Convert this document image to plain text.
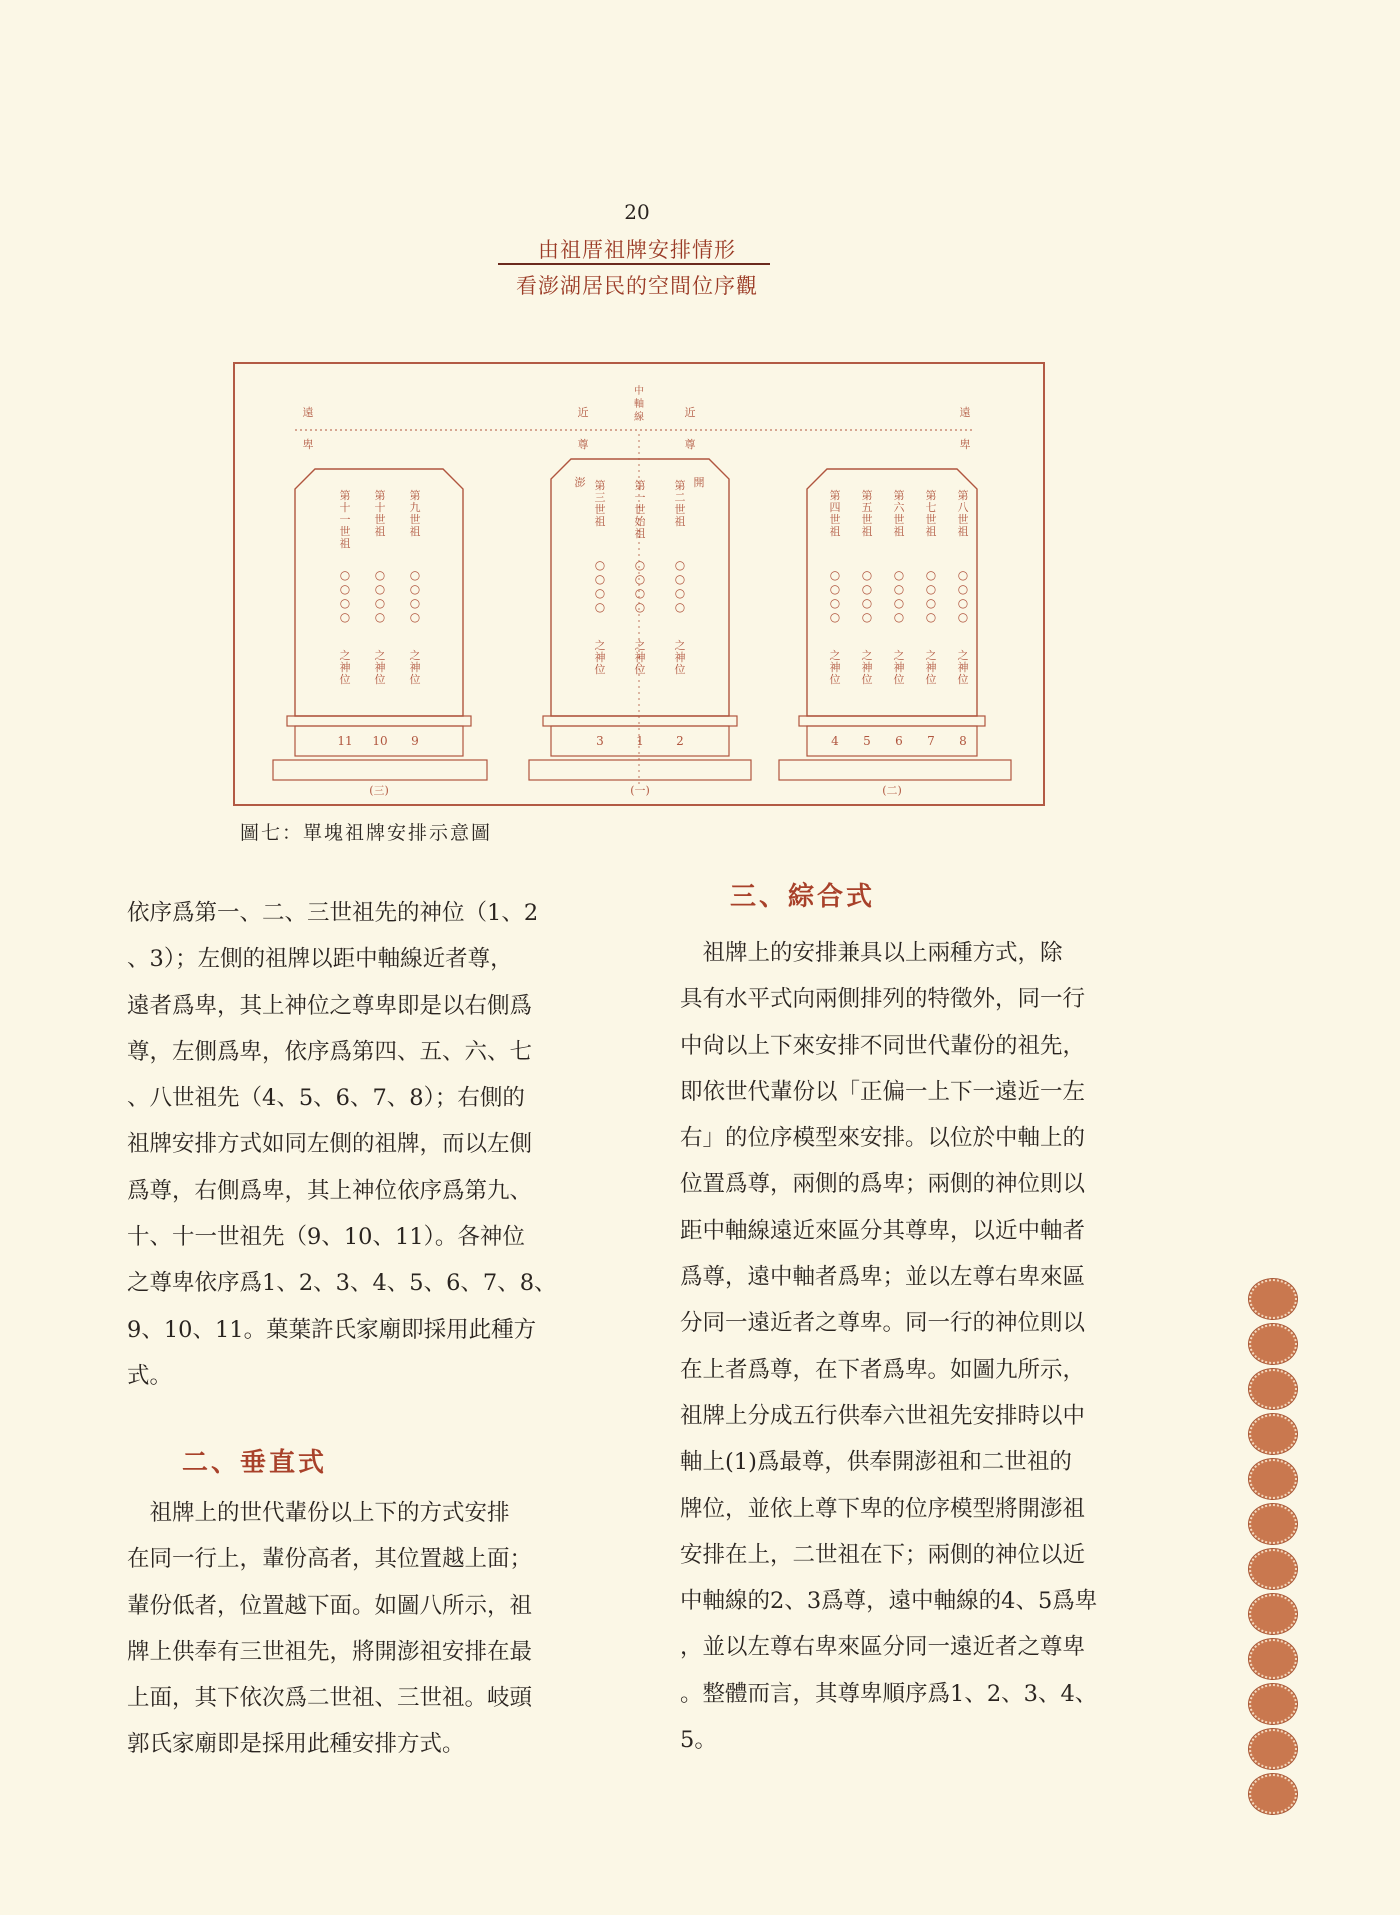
20
由祖厝祖牌安排情形
看澎湖居民的空間位序觀
遠	近	近	遠
中軸線
卑	尊	尊	卑
澎	開
(三)
第十一世祖
○ ○ ○ ○
之神位
11
第十世祖
○ ○ ○ ○
之神位
10
第九世祖
○ ○ ○ ○
之神位
9
(一)
第三世祖
○ ○ ○ ○
之神位
3
第一世始祖
○ ○ ○ ○
之神位
1
第二世祖
○ ○ ○ ○
之神位
2
(二)
第四世祖
○ ○ ○ ○
之神位
4
第五世祖
○ ○ ○ ○
之神位
5
第六世祖
○ ○ ○ ○
之神位
6
第七世祖
○ ○ ○ ○
之神位
7
第八世祖
○ ○ ○ ○
之神位
8
圖七：單塊祖牌安排示意圖
依序爲第一、二、三世祖先的神位（1、2
、3）；左側的祖牌以距中軸線近者尊，
遠者爲卑，其上神位之尊卑即是以右側爲
尊，左側爲卑，依序爲第四、五、六、七
、八世祖先（4、5、6、7、8）；右側的
祖牌安排方式如同左側的祖牌，而以左側
爲尊，右側爲卑，其上神位依序爲第九、
十、十一世祖先（9、10、11）。各神位
之尊卑依序爲1、2、3、4、5、6、7、8、
9、10、11。菓葉許氏家廟即採用此種方
式。
二、垂直式
　祖牌上的世代輩份以上下的方式安排
在同一行上，輩份高者，其位置越上面；
輩份低者，位置越下面。如圖八所示，祖
牌上供奉有三世祖先，將開澎祖安排在最
上面，其下依次爲二世祖、三世祖。岐頭
郭氏家廟即是採用此種安排方式。
三、綜合式
　祖牌上的安排兼具以上兩種方式，除
具有水平式向兩側排列的特徵外，同一行
中尙以上下來安排不同世代輩份的祖先，
即依世代輩份以「正偏一上下一遠近一左
右」的位序模型來安排。以位於中軸上的
位置爲尊，兩側的爲卑；兩側的神位則以
距中軸線遠近來區分其尊卑，以近中軸者
爲尊，遠中軸者爲卑；並以左尊右卑來區
分同一遠近者之尊卑。同一行的神位則以
在上者爲尊，在下者爲卑。如圖九所示，
祖牌上分成五行供奉六世祖先安排時以中
軸上(1)爲最尊，供奉開澎祖和二世祖的
牌位，並依上尊下卑的位序模型將開澎祖
安排在上，二世祖在下；兩側的神位以近
中軸線的2、3爲尊，遠中軸線的4、5爲卑
，並以左尊右卑來區分同一遠近者之尊卑
。整體而言，其尊卑順序爲1、2、3、4、
5。
